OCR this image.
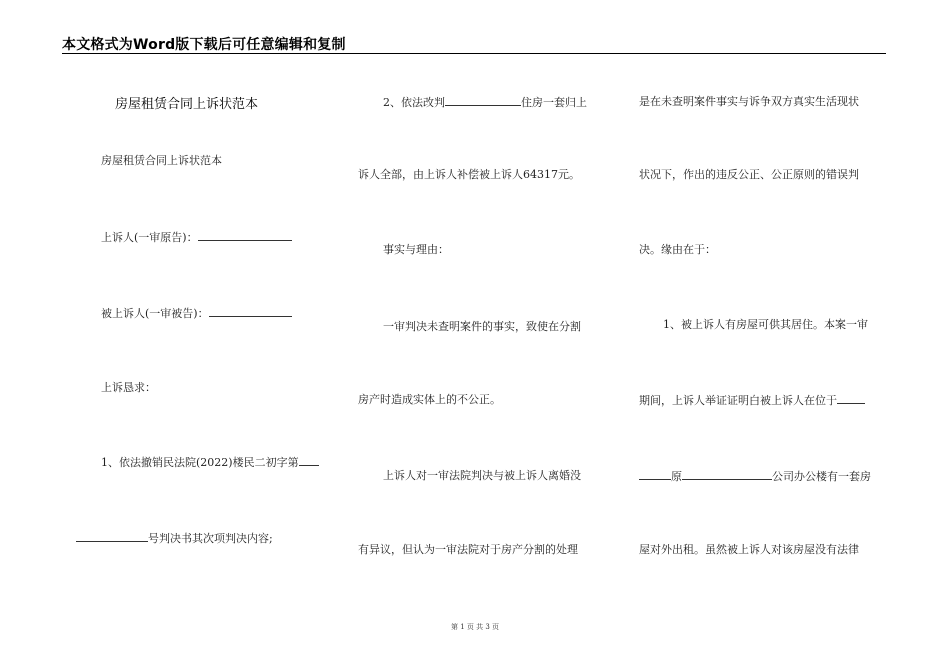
本文格式为Word版下载后可任意编辑和复制
房屋租赁合同上诉状范本
房屋租赁合同上诉状范本
上诉人(一审原告)：
被上诉人(一审被告)：
上诉恳求：
1、依法撤销民法院(2022)楼民二初字第
号判决书其次项判决内容;
2、依法改判	住房一套归上
诉人全部，由上诉人补偿被上诉人64317元。
事实与理由：
一审判决未查明案件的事实，致使在分割
房产时造成实体上的不公正。
上诉人对一审法院判决与被上诉人离婚没
有异议，但认为一审法院对于房产分割的处理
是在未查明案件事实与诉争双方真实生活现状
状况下，作出的违反公正、公正原则的错误判
决。缘由在于：
1、被上诉人有房屋可供其居住。本案一审
期间，上诉人举证证明白被上诉人在位于
原	公司办公楼有一套房
屋对外出租。虽然被上诉人对该房屋没有法律
第 1 页 共 3 页
